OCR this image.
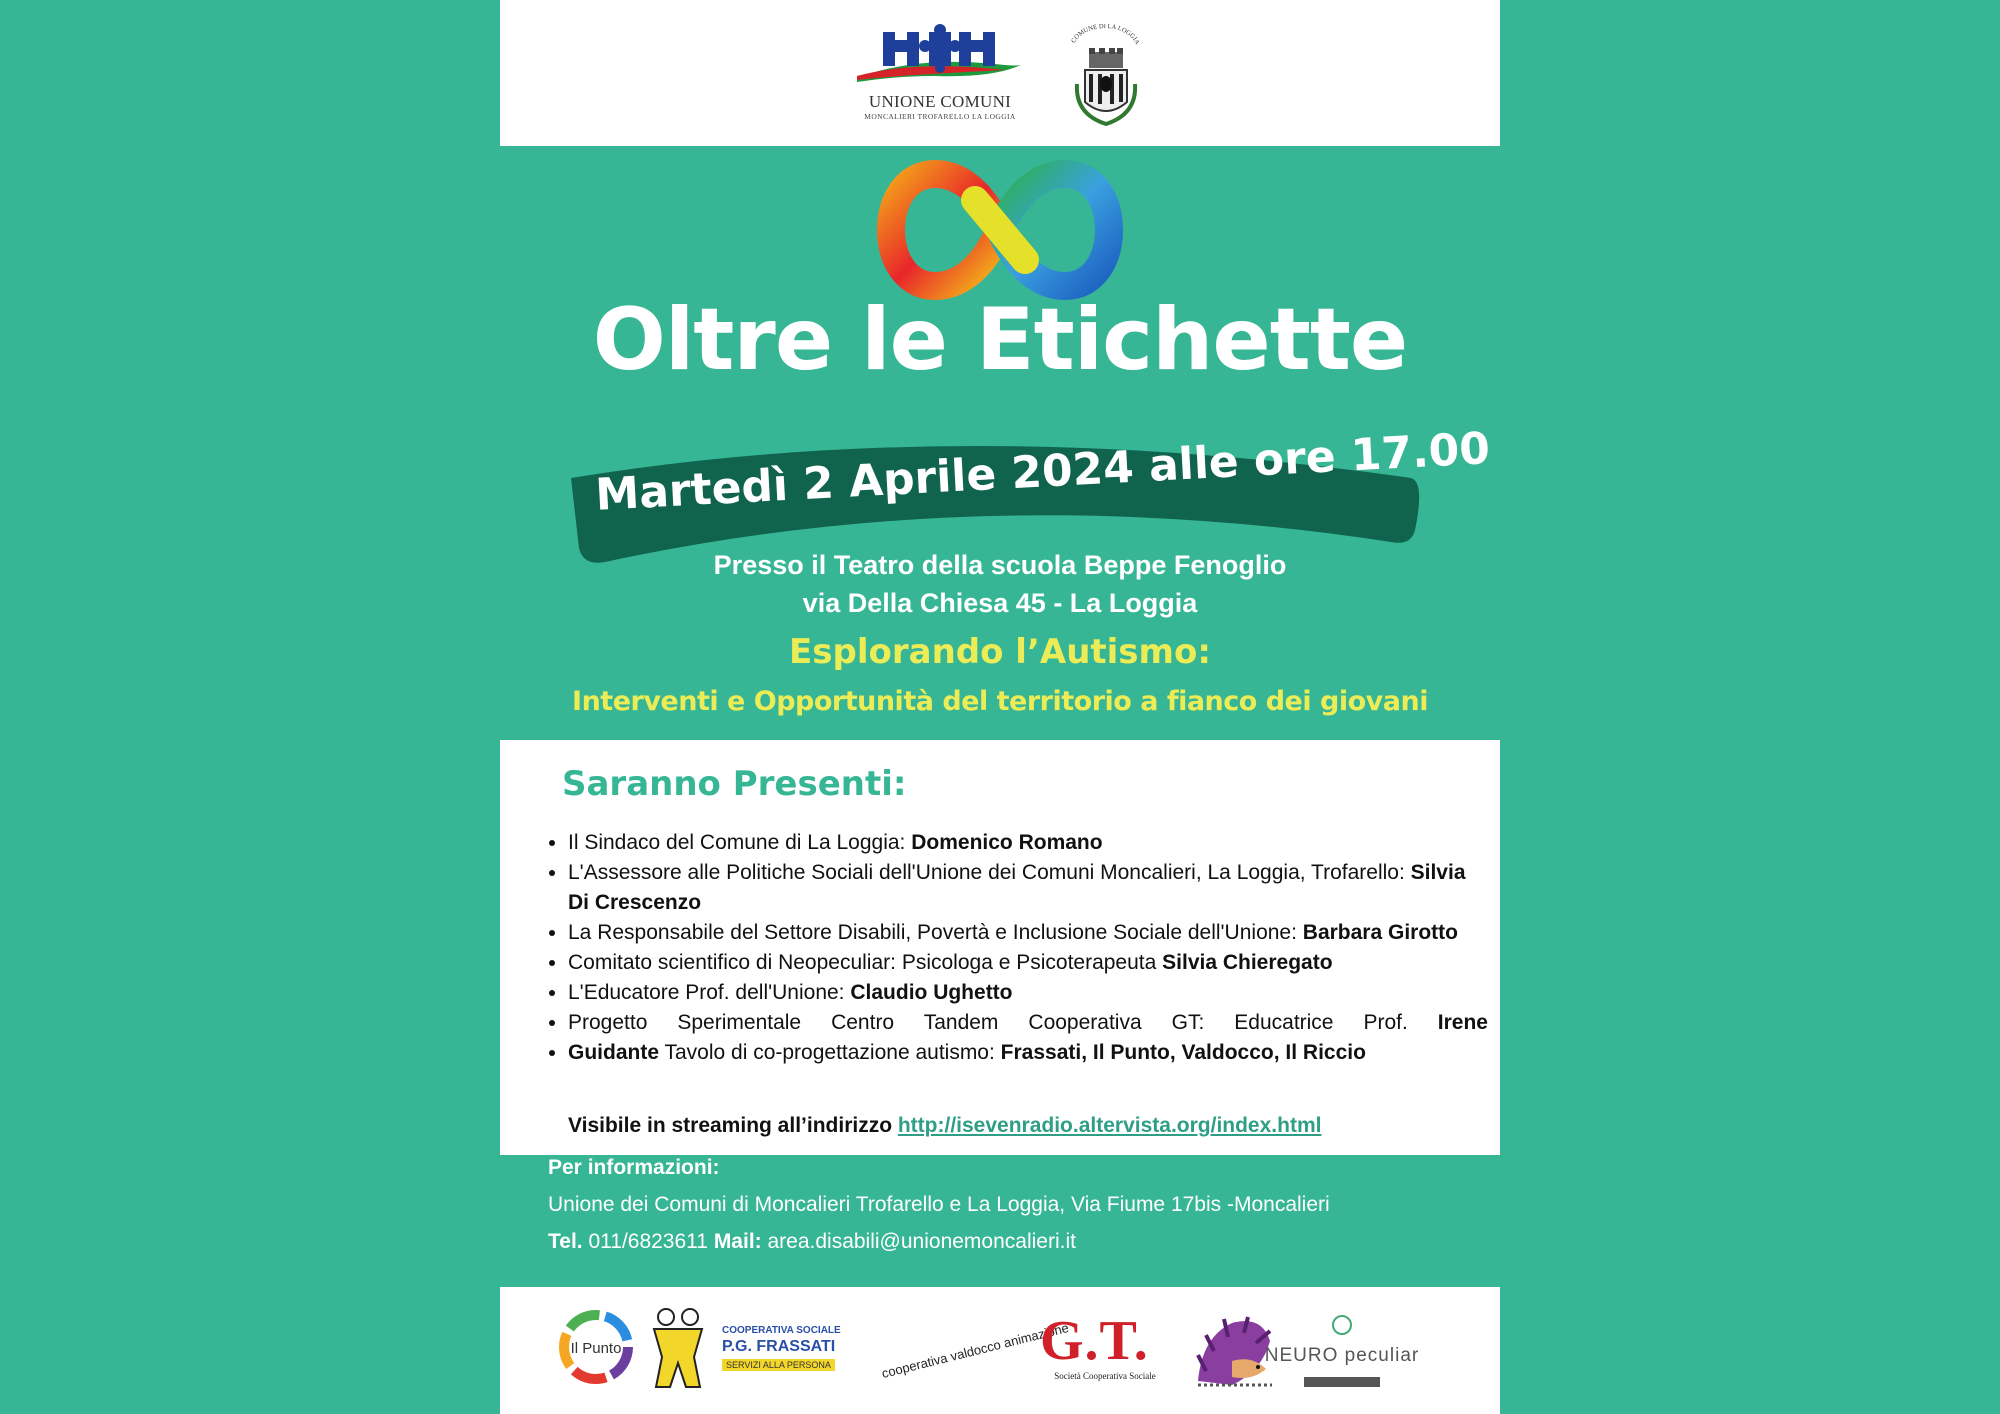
UNIONE COMUNI
MONCALIERI TROFARELLO LA LOGGIA
COMUNE DI LA LOGGIA
Oltre le Etichette
Martedì 2 Aprile 2024 alle ore 17.00
Presso il Teatro della scuola Beppe Fenoglio
via Della Chiesa 45 - La Loggia
Esplorando l’Autismo:
Interventi e Opportunità del territorio a fianco dei giovani
Saranno Presenti:
• Il Sindaco del Comune di La Loggia: Domenico Romano
• L'Assessore alle Politiche Sociali dell'Unione dei Comuni Moncalieri, La Loggia, Trofarello: Silvia Di Crescenzo
• La Responsabile del Settore Disabili, Povertà e Inclusione Sociale dell'Unione: Barbara Girotto
• Comitato scientifico di Neopeculiar: Psicologa e Psicoterapeuta Silvia Chieregato
• L'Educatore Prof. dell'Unione: Claudio Ughetto
• Progetto Sperimentale Centro Tandem Cooperativa GT: Educatrice Prof. Irene
• Guidante Tavolo di co-progettazione autismo: Frassati, Il Punto, Valdocco, Il Riccio
Visibile in streaming all’indirizzo http://isevenradio.altervista.org/index.html
Per informazioni:
Unione dei Comuni di Moncalieri Trofarello e La Loggia, Via Fiume 17bis -Moncalieri
Tel. 011/6823611 Mail: area.disabili@unionemoncalieri.it
Il Punto
COOPERATIVA SOCIALE
P.G. FRASSATI
SERVIZI ALLA PERSONA	cooperativa valdocco animazione
G.T.
Società Cooperativa Sociale
NEURO peculiar
